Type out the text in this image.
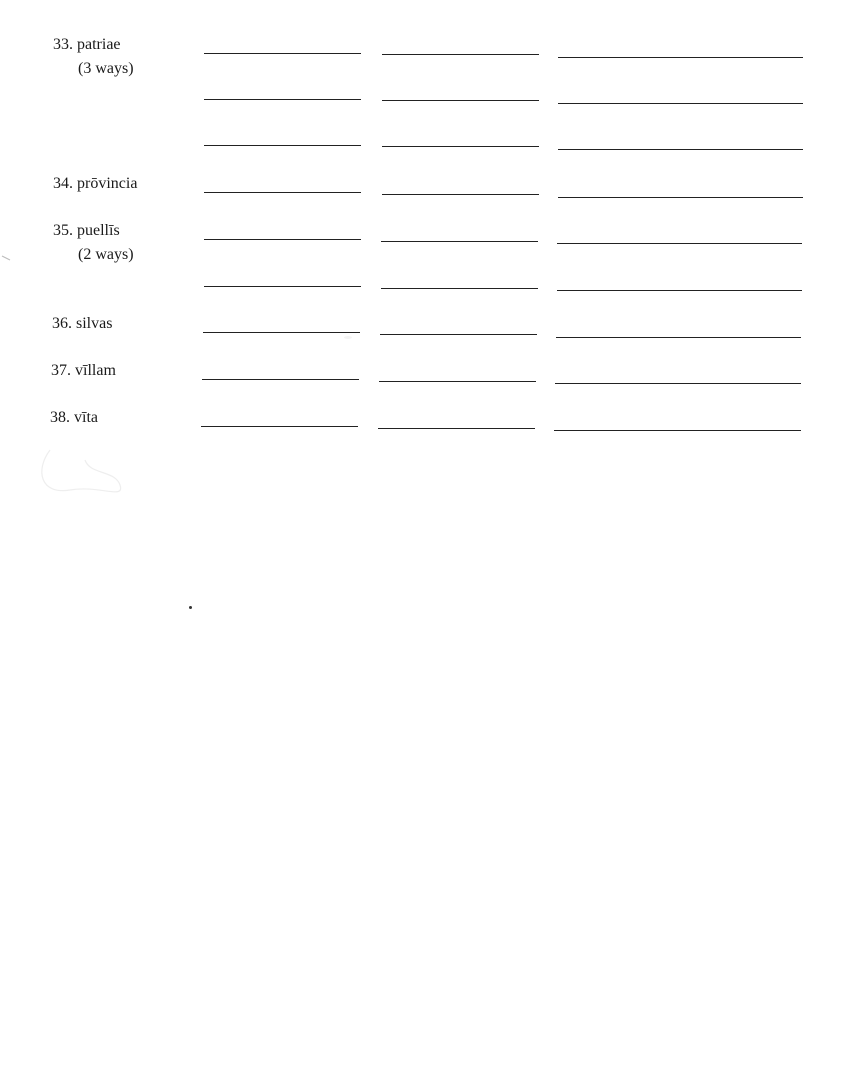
33. patriae
(3 ways)
34. prōvincia
35. puellīs
(2 ways)
36. silvas
37. vīllam
38. vīta
